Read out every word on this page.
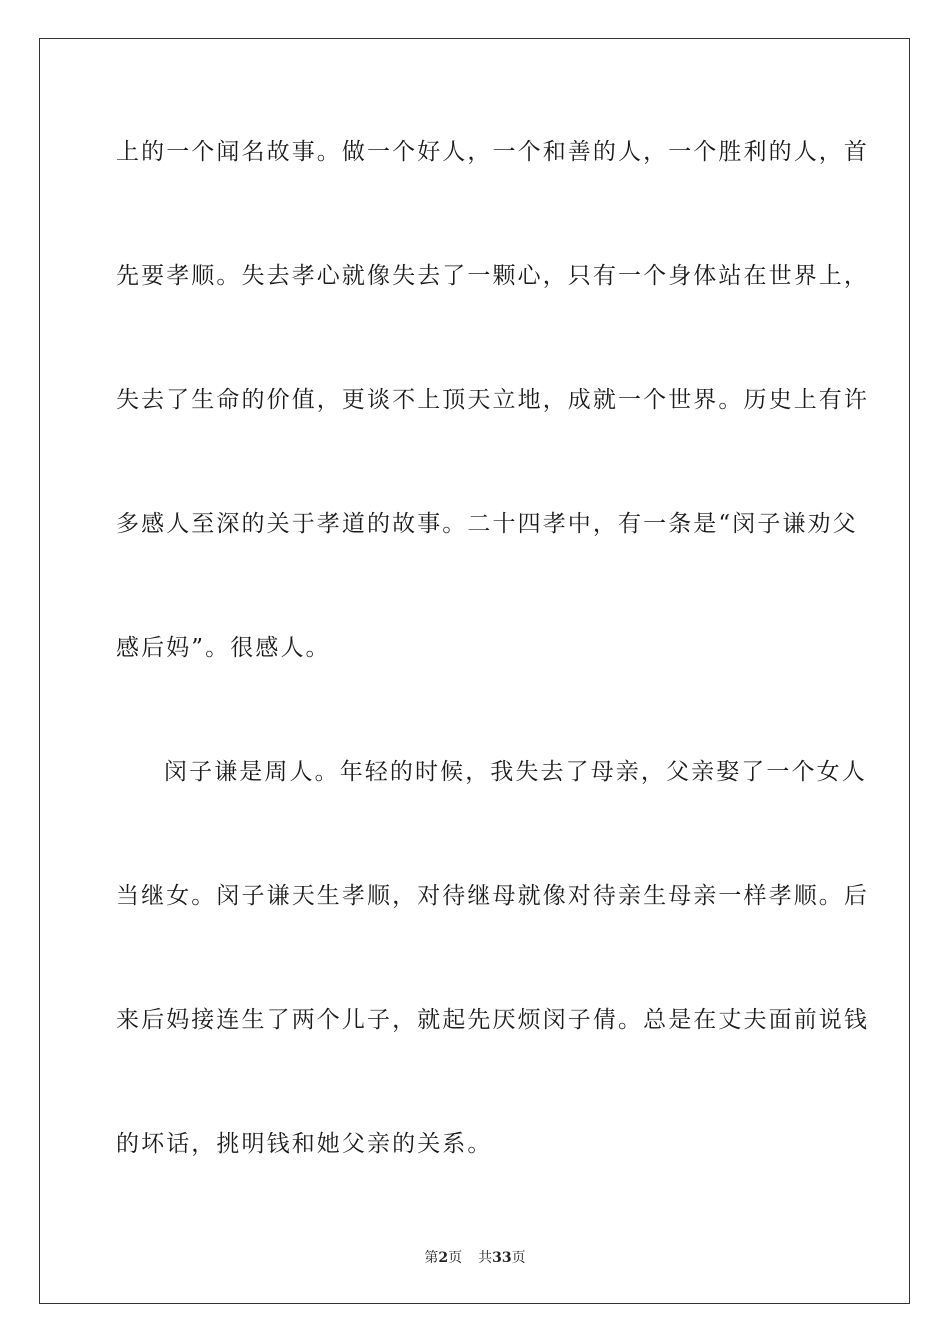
上的一个闻名故事。做一个好人，一个和善的人，一个胜利的人，首
先要孝顺。失去孝心就像失去了一颗心，只有一个身体站在世界上，
失去了生命的价值，更谈不上顶天立地，成就一个世界。历史上有许
多感人至深的关于孝道的故事。二十四孝中，有一条是“闵子谦劝父
感后妈”。很感人。
闵子谦是周人。年轻的时候，我失去了母亲，父亲娶了一个女人
当继女。闵子谦天生孝顺，对待继母就像对待亲生母亲一样孝顺。后
来后妈接连生了两个儿子，就起先厌烦闵子倩。总是在丈夫面前说钱
的坏话，挑明钱和她父亲的关系。
第2页 共33页
